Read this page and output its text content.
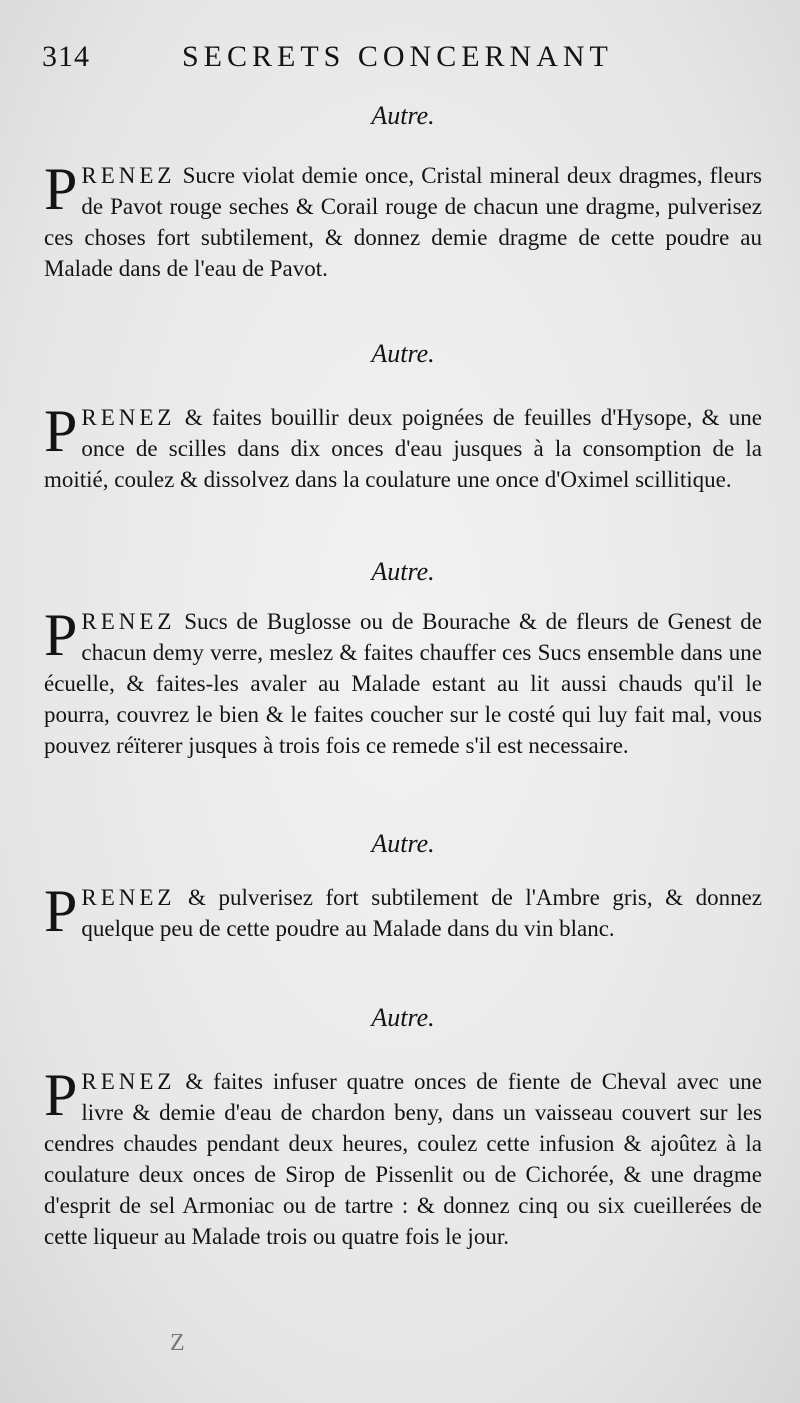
314	SECRETS CONCERNANT
Autre.

PRENEZ Sucre violat demie once, Cristal mineral deux dragmes, fleurs de Pavot rouge seches & Corail rouge de chacun une dragme, pulverisez ces choses fort subtilement, & donnez demie dragme de cette poudre au Malade dans de l'eau de Pavot.

Autre.

PRENEZ & faites bouillir deux poignées de feuilles d'Hysope, & une once de scilles dans dix onces d'eau jusques à la consomption de la moitié, coulez & dissolvez dans la coulature une once d'Oximel scillitique.

Autre.

PRENEZ Sucs de Buglosse ou de Bourache & de fleurs de Genest de chacun demy verre, meslez & faites chauffer ces Sucs ensemble dans une écuelle, & faites-les avaler au Malade estant au lit aussi chauds qu'il le pourra, couvrez le bien & le faites coucher sur le costé qui luy fait mal, vous pouvez réïterer jusques à trois fois ce remede s'il est necessaire.

Autre.

PRENEZ & pulverisez fort subtilement de l'Ambre gris, & donnez quelque peu de cette poudre au Malade dans du vin blanc.

Autre.

PRENEZ & faites infuser quatre onces de fiente de Cheval avec une livre & demie d'eau de chardon beny, dans un vaisseau couvert sur les cendres chaudes pendant deux heures, coulez cette infusion & ajoûtez à la coulature deux onces de Sirop de Pissenlit ou de Cichorée, & une dragme d'esprit de sel Armoniac ou de tartre : & donnez cinq ou six cueillerées de cette liqueur au Malade trois ou quatre fois le jour.

Z
